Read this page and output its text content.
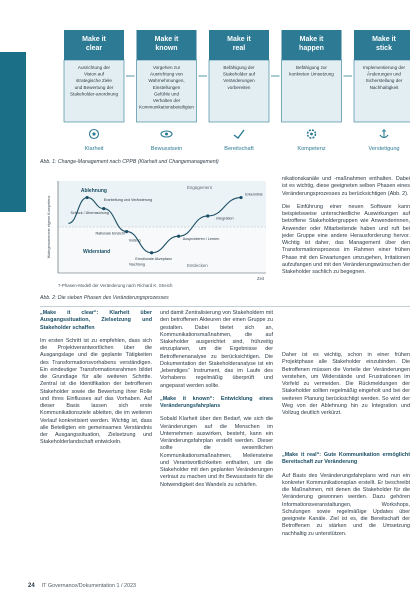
CHANGEMANAGEMENT
Make it
clear
Ausrichtung der
Vision auf
strategische Ziele
und Bewertung der
Stakeholder-anordnung
Klarheit
Make it
known
Vorgehen zur
Ausrichtung von
Wahrnehmungen,
Einstellungen
Gefühle und
Verhalten der
Kommunikationsbeteiligten
Bewusstsein
Make it
real
Befähigung der
Stakeholder auf
Veränderungen
vorbereiten
Bereitschaft
Make it
happen
Befähigung zur
konkreten Umsetzung
Kompetenz
Make it
stick
Implementierung der
Änderungen und
Sicherstellung der
Nachhaltigkeit
Verstetigung
Abb. 1: Change-Management nach CPPB (Klarheit und Changemanagement)
Wahrgenommene eigene Kompetenz
Zeit
Engagement
Entdecken
Ablehnung
Erarbeitung und Veränderung
Schock / Überraschung
Rationale Einsicht
Emotionale Akzeptanz
Ausprobieren / Lernen
Integration
Erkenntnis
Widerstand
Nachtung
Vollzug
7-Phasen-Modell der Veränderung nach Richard K. Streich
Abb. 2: Die sieben Phasen des Veränderungsprozesses

nikationskanäle und -maßnahmen enthalten. Dabei ist es wichtig, diese geeigneten selben Phasen eines Veränderungsprozesses zu berücksichtigen (Abb. 2).

Die Einführung einer neuen Software kann beispielsweise unterschiedliche Auswirkungen auf betroffene Stakeholdergruppen wie Anwenderinnen, Anwender oder Mitarbeitende haben und ruft bei jeder Gruppe eine andere Herausforderung hervor. Wichtig ist daher, das Management über den Transformationsprozess im Rahmen einer frühen Phase mit den Erwartungen umzugehen, Irritationen aufzufangen und mit den Veränderungswünschen der Stakeholder sachlich zu begegnen.

„Make it clear“: Klarheit über Ausgangssituation, Zielsetzung und Stakeholder schaffen

Im ersten Schritt ist zu empfehlen, dass sich die Projektverantwortlichen über die Ausgangslage und die geplante Tätigkeiten des Transformationsvorhabens verständigen. Ein eindeutiger Transformationsrahmen bildet die Grundlage für alle weiteren Schritte. Zentral ist die Identifikation der betroffenen Stakeholder sowie die Bewertung ihrer Rolle und ihres Einflusses auf das Vorhaben. Auf dieser Basis lassen sich erste Kommunikationsziele ableiten, die im weiteren Verlauf konkretisiert werden. Wichtig ist, dass alle Beteiligten ein gemeinsames Verständnis der Ausgangssituation, Zielsetzung und Stakeholderlandschaft entwickeln.

und damit Zentralisierung von Stakeholdern mit den betroffenen Akteuren der einen Gruppe zu gestalten. Dabei bietet sich an, Kommunikationsmaßnahmen, die auf Stakeholder ausgerichtet sind, frühzeitig einzuplanen, um die Ergebnisse der Betroffenenanalyse zu berücksichtigen. Die Dokumentation der Stakeholderanalyse ist ein „lebendiges“ Instrument, das im Laufe des Vorhabens regelmäßig überprüft und angepasst werden sollte.

„Make it known“: Entwicklung eines Veränderungsfahrplans

Sobald Klarheit über den Bedarf, wie sich die Veränderungen auf die Menschen im Unternehmen auswirken, besteht, kann ein Veränderungsfahrplan erstellt werden. Dieser sollte die wesentlichen Kommunikationsmaßnahmen, Meilensteine und Verantwortlichkeiten enthalten, um die Stakeholder mit den geplanten Veränderungen vertraut zu machen und ihr Bewusstsein für die Notwendigkeit des Wandels zu schärfen.

Daher ist es wichtig, schon in einer frühen Projektphase alle Stakeholder einzubinden. Die Betroffenen müssen die Vorteile der Veränderungen verstehen, um Widerstände und Frustrationen im Vorfeld zu vermeiden. Die Rückmeldungen der Stakeholder sollten regelmäßig eingeholt und bei der weiteren Planung berücksichtigt werden. So wird der Weg von der Ablehnung hin zu Integration und Vollzug deutlich verkürzt.

„Make it real“: Gute Kommunikation ermöglicht Bereitschaft zur Veränderung

Auf Basis des Veränderungsfahrplans wird nun ein konkreter Kommunikationsplan erstellt. Er beschreibt die Maßnahmen, mit denen die Stakeholder für die Veränderung gewonnen werden. Dazu gehören Informationsveranstaltungen, Workshops, Schulungen sowie regelmäßige Updates über geeignete Kanäle. Ziel ist es, die Bereitschaft der Betroffenen zu stärken und die Umsetzung nachhaltig zu unterstützen.

24 IT Governance/Dokumentation 1 / 2023
